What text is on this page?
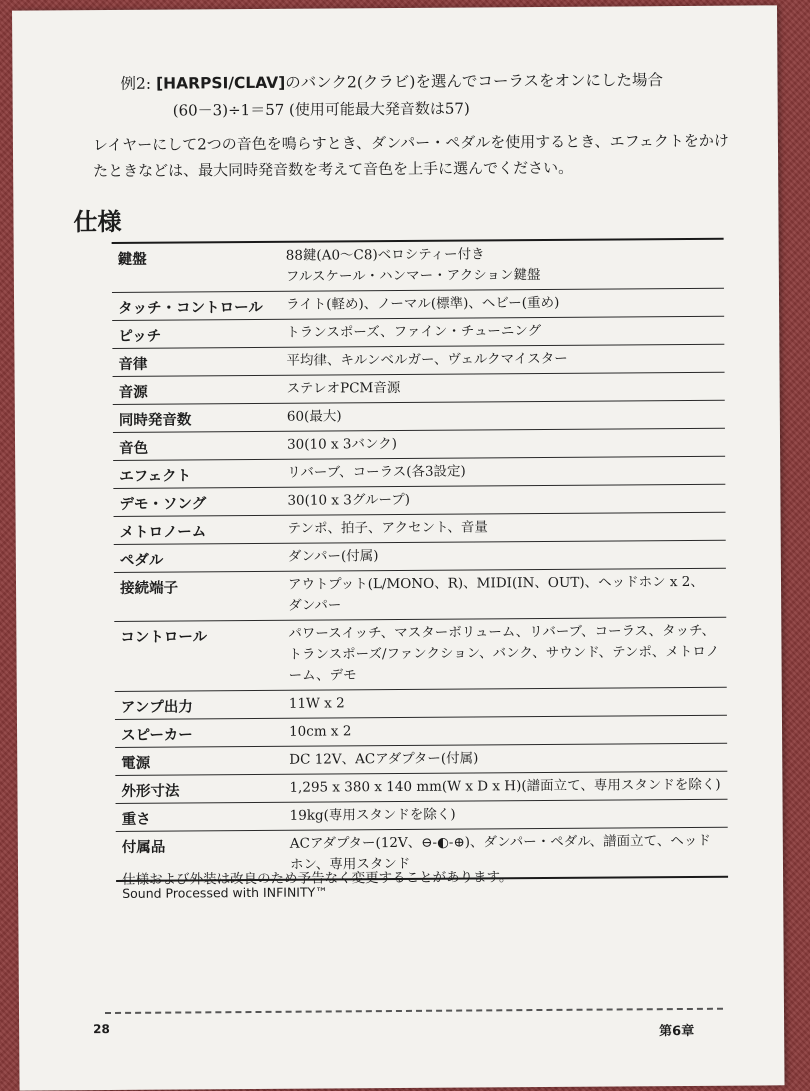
例2: [HARPSI/CLAV]のバンク2(クラビ)を選んでコーラスをオンにした場合
(60－3)÷1＝57 (使用可能最大発音数は57)
レイヤーにして2つの音色を鳴らすとき、ダンパー・ペダルを使用するとき、エフェクトをかけたときなどは、最大同時発音数を考えて音色を上手に選んでください。
仕様
鍵盤	88鍵(A0～C8)ベロシティー付き
フルスケール・ハンマー・アクション鍵盤
タッチ・コントロール	ライト(軽め)、ノーマル(標準)、ヘビー(重め)
ピッチ	トランスポーズ、ファイン・チューニング
音律	平均律、キルンベルガー、ヴェルクマイスター
音源	ステレオPCM音源
同時発音数	60(最大)
音色	30(10 x 3バンク)
エフェクト	リバーブ、コーラス(各3設定)
デモ・ソング	30(10 x 3グループ)
メトロノーム	テンポ、拍子、アクセント、音量
ペダル	ダンパー(付属)
接続端子	アウトプット(L/MONO、R)、MIDI(IN、OUT)、ヘッドホン x 2、
ダンパー
コントロール	パワースイッチ、マスターボリューム、リバーブ、コーラス、タッチ、
トランスポーズ/ファンクション、バンク、サウンド、テンポ、メトロノーム、デモ
アンプ出力	11W x 2
スピーカー	10cm x 2
電源	DC 12V、ACアダプター(付属)
外形寸法	1,295 x 380 x 140 mm(W x D x H)(譜面立て、専用スタンドを除く)
重さ	19kg(専用スタンドを除く)
付属品	ACアダプター(12V、⊖-◐-⊕)、ダンパー・ペダル、譜面立て、ヘッド
ホン、専用スタンド
仕様および外装は改良のため予告なく変更することがあります。
Sound Processed with INFINITY™
28	第6章
